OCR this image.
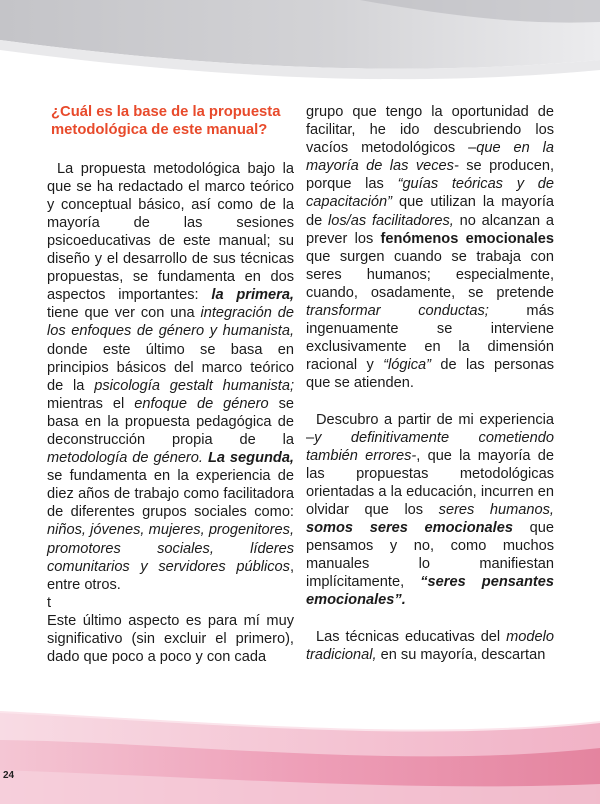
¿Cuál es la base de la propuesta
metodológica de este manual?

La propuesta metodológica bajo la que se ha redactado el marco teórico y conceptual básico, así como de la mayoría de las sesiones psicoeducativas de este manual; su diseño y el desarrollo de sus técnicas propuestas, se fundamenta en dos aspectos importantes: la primera, tiene que ver con una integración de los enfoques de género y humanista, donde este último se basa en principios básicos del marco teórico de la psicología gestalt humanista; mientras el enfoque de género se basa en la propuesta pedagógica de deconstrucción propia de la metodología de género. La segunda, se fundamenta en la experiencia de diez años de trabajo como facilitadora de diferentes grupos sociales como: niños, jóvenes, mujeres, progenitores, promotores sociales, líderes comunitarios y servidores públicos, entre otros.

t

Este último aspecto es para mí muy significativo (sin excluir el primero), dado que poco a poco y con cada

grupo que tengo la oportunidad de facilitar, he ido descubriendo los vacíos metodológicos –que en la mayoría de las veces- se producen, porque las “guías teóricas y de capacitación” que utilizan la mayoría de los/as facilitadores, no alcanzan a prever los fenómenos emocionales que surgen cuando se trabaja con seres humanos; especialmente, cuando, osadamente, se pretende transformar conductas; más ingenuamente se interviene exclusivamente en la dimensión racional y “lógica” de las personas que se atienden.

Descubro a partir de mi experiencia –y definitivamente cometiendo también errores-, que la mayoría de las propuestas metodológicas orientadas a la educación, incurren en olvidar que los seres humanos, somos seres emocionales que pensamos y no, como muchos manuales lo manifiestan implícitamente, “seres pensantes emocionales”.

Las técnicas educativas del modelo tradicional, en su mayoría, descartan

24
